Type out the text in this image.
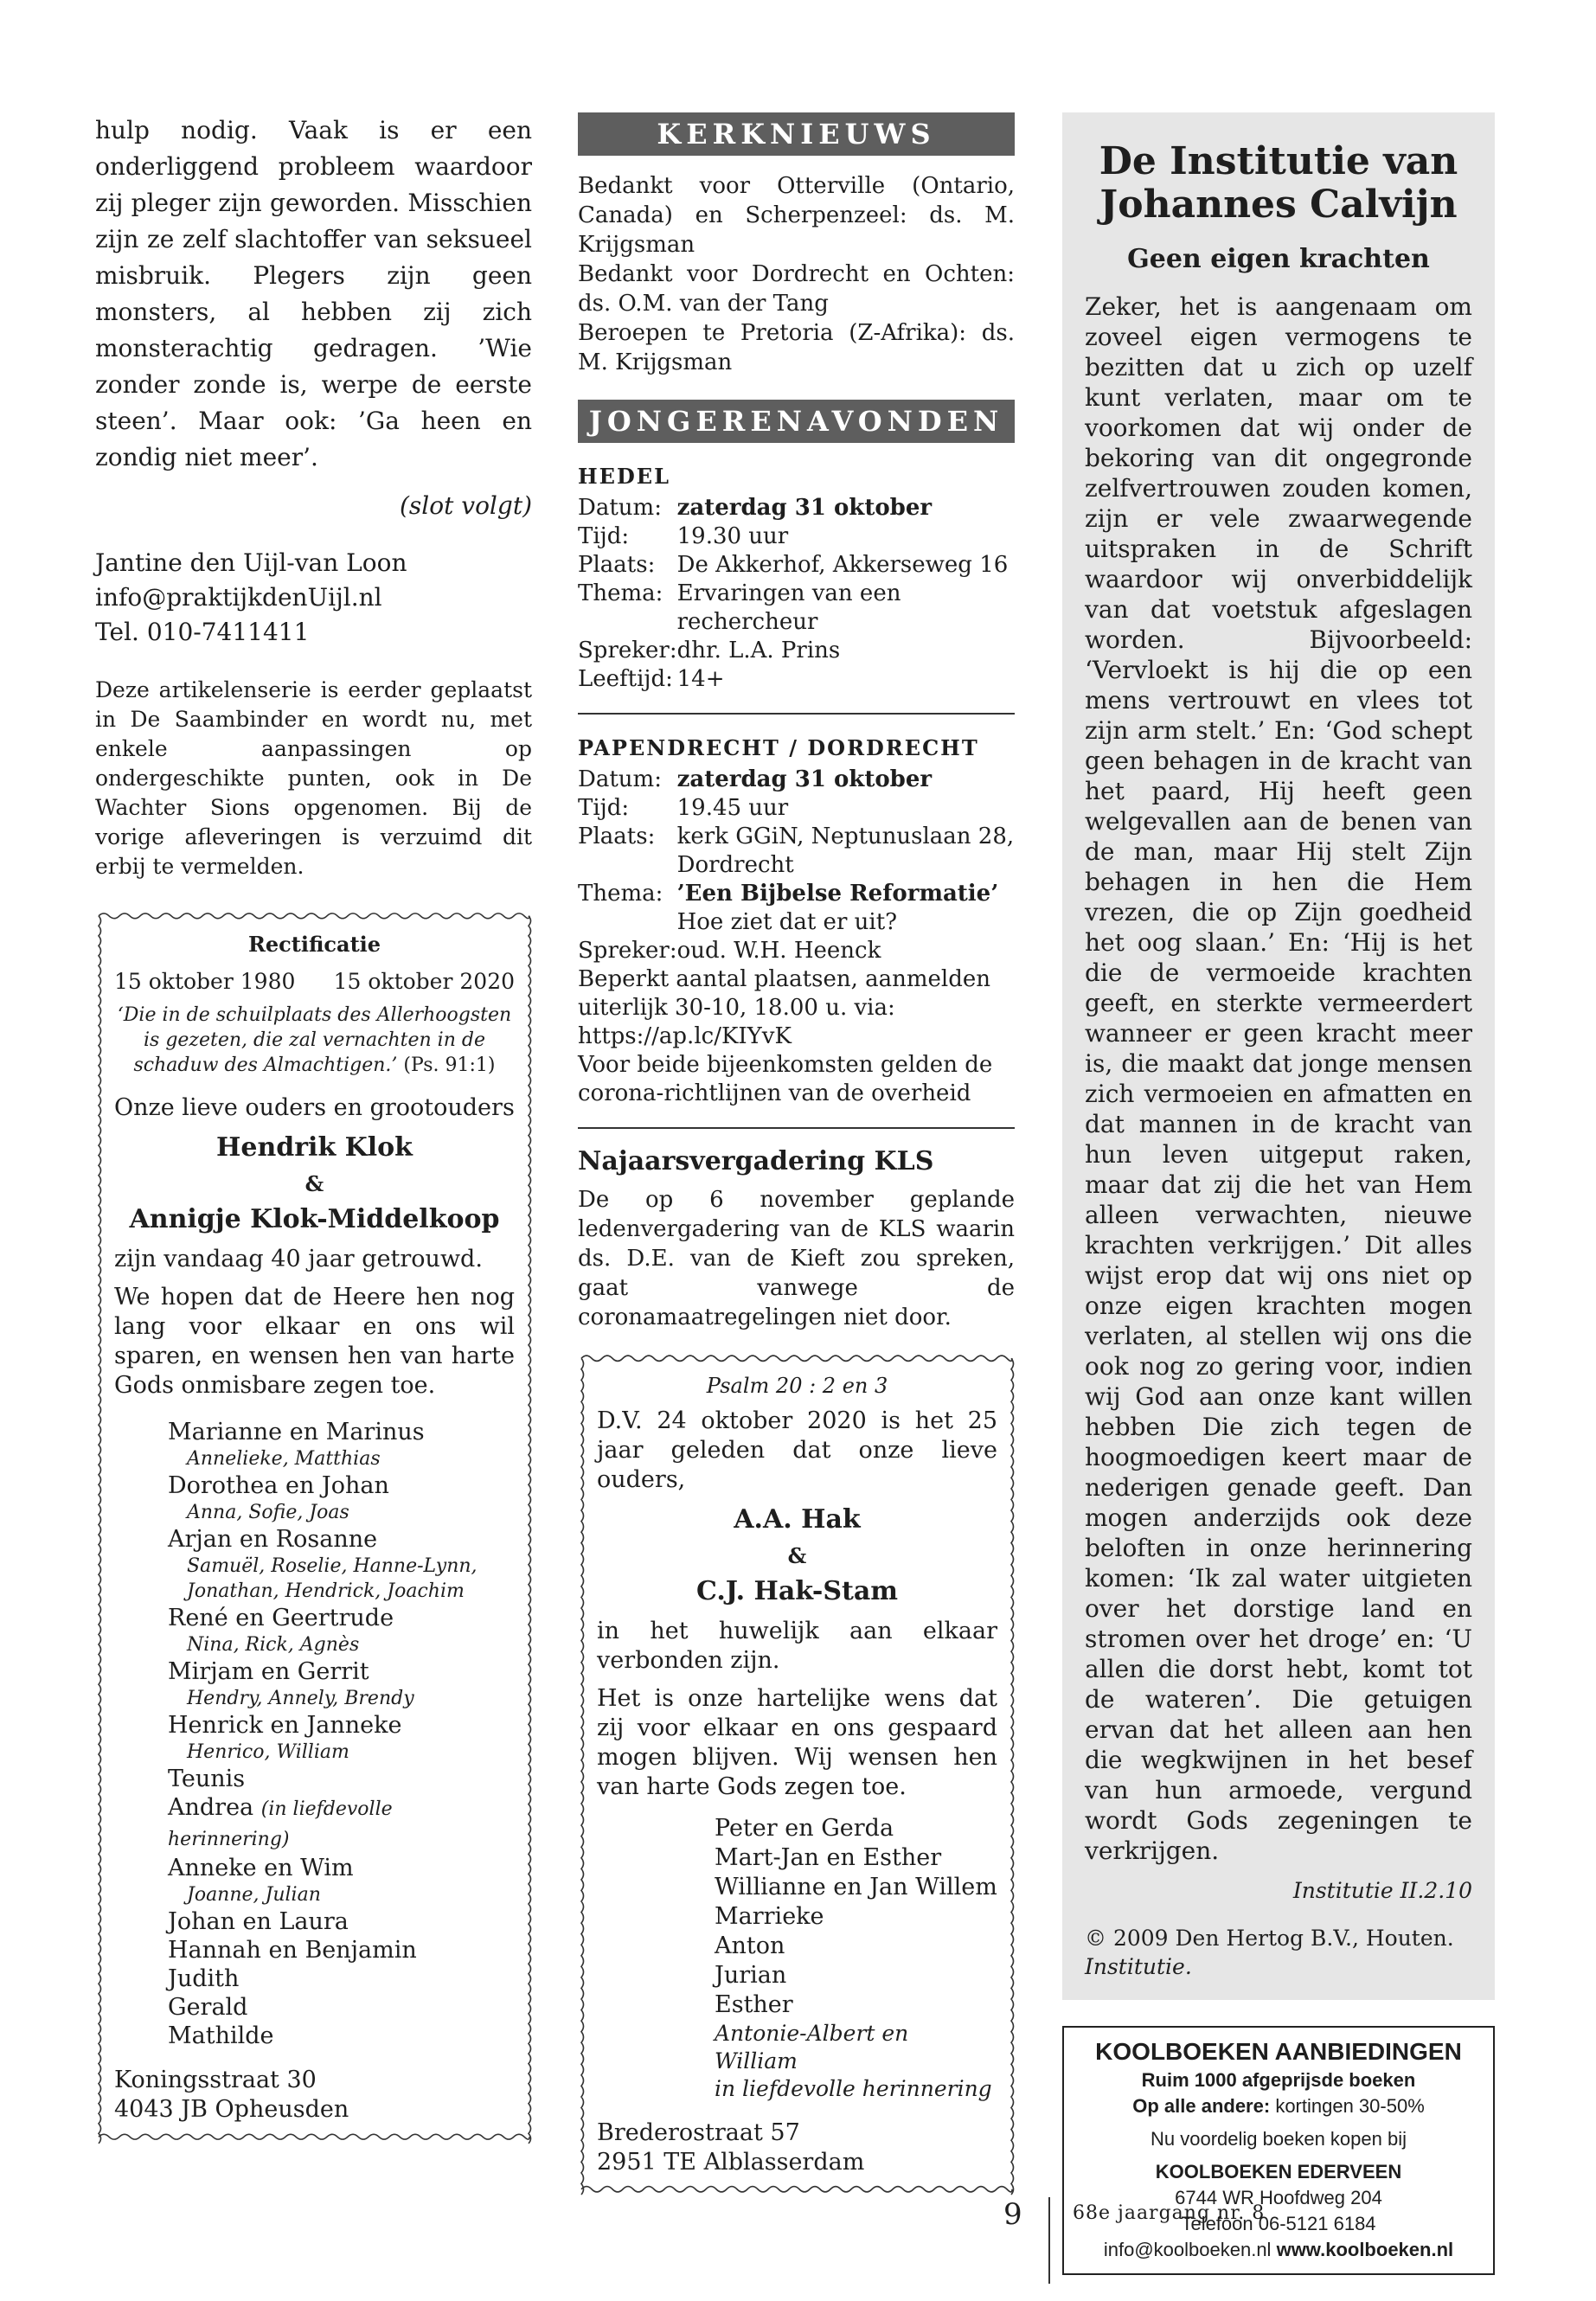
hulp nodig. Vaak is er een onderliggend probleem waardoor zij pleger zijn geworden. Misschien zijn ze zelf slachtoffer van seksueel misbruik. Plegers zijn geen monsters, al hebben zij zich monsterachtig gedragen. ’Wie zonder zonde is, werpe de eerste steen’. Maar ook: ’Ga heen en zondig niet meer’.

(slot volgt)
Jantine den Uijl-van Loon
info@praktijkdenUijl.nl
Tel. 010-7411411
Deze artikelenserie is eerder geplaatst in De Saambinder en wordt nu, met enkele aanpassingen op ondergeschikte punten, ook in De Wachter Sions opgenomen. Bij de vorige afleveringen is verzuimd dit erbij te vermelden.
Rectificatie
15 oktober 1980 15 oktober 2020
‘Die in de schuilplaats des Allerhoogsten is gezeten, die zal vernachten in de schaduw des Almachtigen.’ (Ps. 91:1)

Onze lieve ouders en grootouders

Hendrik Klok
&
Annigje Klok-Middelkoop

zijn vandaag 40 jaar getrouwd.

We hopen dat de Heere hen nog lang voor elkaar en ons wil sparen, en wensen hen van harte Gods onmisbare zegen toe.

Marianne en Marinus
Annelieke, Matthias
Dorothea en Johan
Anna, Sofie, Joas
Arjan en Rosanne
Samuël, Roselie, Hanne-Lynn, Jonathan, Hendrick, Joachim
René en Geertrude
Nina, Rick, Agnès
Mirjam en Gerrit
Hendry, Annely, Brendy
Henrick en Janneke
Henrico, William
Teunis
Andrea (in liefdevolle herinnering)
Anneke en Wim
Joanne, Julian
Johan en Laura
Hannah en Benjamin
Judith
Gerald
Mathilde
Koningsstraat 30
4043 JB Opheusden
KERKNIEUWS

Bedankt voor Otterville (Ontario, Canada) en Scherpenzeel: ds. M. Krijgsman

Bedankt voor Dordrecht en Ochten: ds. O.M. van der Tang

Beroepen te Pretoria (Z-Afrika): ds. M. Krijgsman

JONGERENAVONDEN
HEDEL
Datum:	zaterdag 31 oktober
Tijd:	19.30 uur
Plaats:	De Akkerhof, Akkerseweg 16
Thema:	Ervaringen van een rechercheur
Spreker:	dhr. L.A. Prins
Leeftijd:	14+
PAPENDRECHT / DORDRECHT
Datum:	zaterdag 31 oktober
Tijd:	19.45 uur
Plaats:	kerk GGiN, Neptunuslaan 28, Dordrecht
Thema:	’Een Bijbelse Reformatie’
Hoe ziet dat er uit?

Spreker:	oud. W.H. Heenck
Beperkt aantal plaatsen, aanmelden uiterlijk 30-10, 18.00 u. via: https://ap.lc/KIYvK
Voor beide bijeenkomsten gelden de corona-richtlijnen van de overheid
Najaarsvergadering KLS
De op 6 november geplande ledenvergadering van de KLS waarin ds. D.E. van de Kieft zou spreken, gaat vanwege de coronamaatregelingen niet door.
Psalm 20 : 2 en 3

D.V. 24 oktober 2020 is het 25 jaar geleden dat onze lieve ouders,

A.A. Hak
&
C.J. Hak-Stam

in het huwelijk aan elkaar verbonden zijn.

Het is onze hartelijke wens dat zij voor elkaar en ons gespaard mogen blijven. Wij wensen hen van harte Gods zegen toe.

Peter en Gerda
Mart-Jan en Esther
Willianne en Jan Willem
Marrieke
Anton
Jurian
Esther
Antonie-Albert en William
in liefdevolle herinnering
Brederostraat 57
2951 TE Alblasserdam
De Institutie van Johannes Calvijn
Geen eigen krachten
Zeker, het is aangenaam om zoveel eigen vermogens te bezitten dat u zich op uzelf kunt verlaten, maar om te voorkomen dat wij onder de bekoring van dit ongegronde zelfvertrouwen zouden komen, zijn er vele zwaarwegende uitspraken in de Schrift waardoor wij onverbiddelijk van dat voetstuk afgeslagen worden. Bijvoorbeeld: ‘Vervloekt is hij die op een mens vertrouwt en vlees tot zijn arm stelt.’ En: ‘God schept geen behagen in de kracht van het paard, Hij heeft geen welgevallen aan de benen van de man, maar Hij stelt Zijn behagen in hen die Hem vrezen, die op Zijn goedheid het oog slaan.’ En: ‘Hij is het die de vermoeide krachten geeft, en sterkte vermeerdert wanneer er geen kracht meer is, die maakt dat jonge mensen zich vermoeien en afmatten en dat mannen in de kracht van hun leven uitgeput raken, maar dat zij die het van Hem alleen verwachten, nieuwe krachten verkrijgen.’ Dit alles wijst erop dat wij ons niet op onze eigen krachten mogen verlaten, al stellen wij ons die ook nog zo gering voor, indien wij God aan onze kant willen hebben Die zich tegen de hoogmoedigen keert maar de nederigen genade geeft. Dan mogen anderzijds ook deze beloften in onze herinnering komen: ‘Ik zal water uitgieten over het dorstige land en stromen over het droge’ en: ‘U allen die dorst hebt, komt tot de wateren’. Die getuigen ervan dat het alleen aan hen die wegkwijnen in het besef van hun armoede, vergund wordt Gods zegeningen te verkrijgen.
Institutie II.2.10
© 2009 Den Hertog B.V., Houten.
Institutie.
KOOLBOEKEN AANBIEDINGEN
Ruim 1000 afgeprijsde boeken
Op alle andere: kortingen 30-50%
Nu voordelig boeken kopen bij
KOOLBOEKEN EDERVEEN
6744 WR Hoofdweg 204
Telefoon 06-5121 6184
info@koolboeken.nl www.koolboeken.nl
9	68e jaargang nr. 8
